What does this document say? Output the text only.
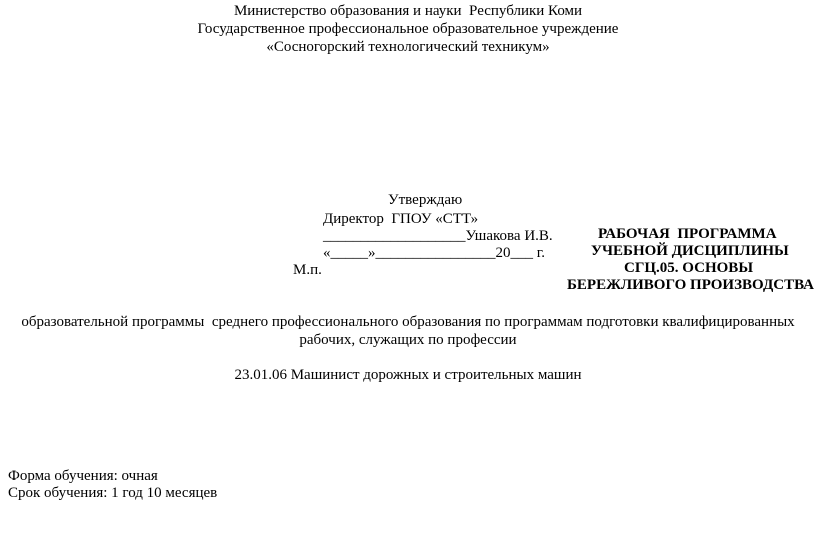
Министерство образования и науки  Республики Коми
Государственное профессиональное образовательное учреждение
«Сосногорский технологический техникум»
Утверждаю
Директор  ГПОУ «СТТ»
___________________Ушакова И.В.
«_____»________________20___ г.
М.п.
РАБОЧАЯ  ПРОГРАММА
УЧЕБНОЙ ДИСЦИПЛИНЫ
СГЦ.05. ОСНОВЫ
БЕРЕЖЛИВОГО ПРОИЗВОДСТВА
образовательной программы  среднего профессионального образования по программам подготовки квалифицированных
рабочих, служащих по профессии
23.01.06 Машинист дорожных и строительных машин
Форма обучения: очная
Срок обучения: 1 год 10 месяцев
